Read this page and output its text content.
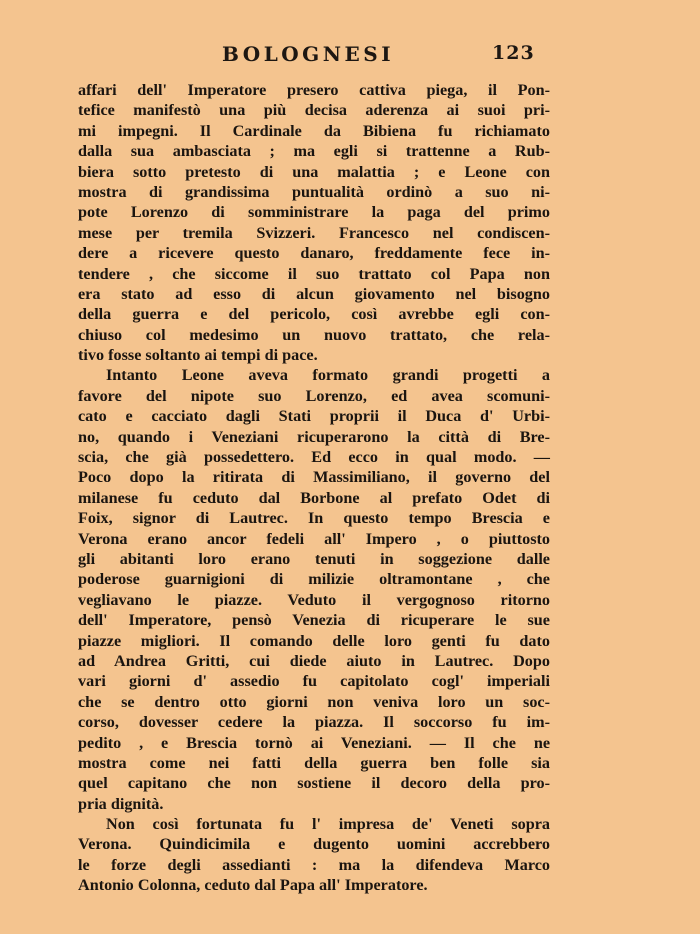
BOLOGNESI	123
affari dell' Imperatore presero cattiva piega, il Pon-
tefice manifestò una più decisa aderenza ai suoi pri-
mi impegni. Il Cardinale da Bibiena fu richiamato
dalla sua ambasciata ; ma egli si trattenne a Rub-
biera sotto pretesto di una malattia ; e Leone con
mostra di grandissima puntualità ordinò a suo ni-
pote Lorenzo di somministrare la paga del primo
mese per tremila Svizzeri. Francesco nel condiscen-
dere a ricevere questo danaro, freddamente fece in-
tendere , che siccome il suo trattato col Papa non
era stato ad esso di alcun giovamento nel bisogno
della guerra e del pericolo, così avrebbe egli con-
chiuso col medesimo un nuovo trattato, che rela-
tivo fosse soltanto ai tempi di pace.
Intanto Leone aveva formato grandi progetti a
favore del nipote suo Lorenzo, ed avea scomuni-
cato e cacciato dagli Stati proprii il Duca d' Urbi-
no, quando i Veneziani ricuperarono la città di Bre-
scia, che già possedettero. Ed ecco in qual modo. —
Poco dopo la ritirata di Massimiliano, il governo del
milanese fu ceduto dal Borbone al prefato Odet di
Foix, signor di Lautrec. In questo tempo Brescia e
Verona erano ancor fedeli all' Impero , o piuttosto
gli abitanti loro erano tenuti in soggezione dalle
poderose guarnigioni di milizie oltramontane , che
vegliavano le piazze. Veduto il vergognoso ritorno
dell' Imperatore, pensò Venezia di ricuperare le sue
piazze migliori. Il comando delle loro genti fu dato
ad Andrea Gritti, cui diede aiuto in Lautrec. Dopo
vari giorni d' assedio fu capitolato cogl' imperiali
che se dentro otto giorni non veniva loro un soc-
corso, dovesser cedere la piazza. Il soccorso fu im-
pedito , e Brescia tornò ai Veneziani. — Il che ne
mostra come nei fatti della guerra ben folle sia
quel capitano che non sostiene il decoro della pro-
pria dignità.
Non così fortunata fu l' impresa de' Veneti sopra
Verona. Quindicimila e dugento uomini accrebbero
le forze degli assedianti : ma la difendeva Marco
Antonio Colonna, ceduto dal Papa all' Imperatore.
